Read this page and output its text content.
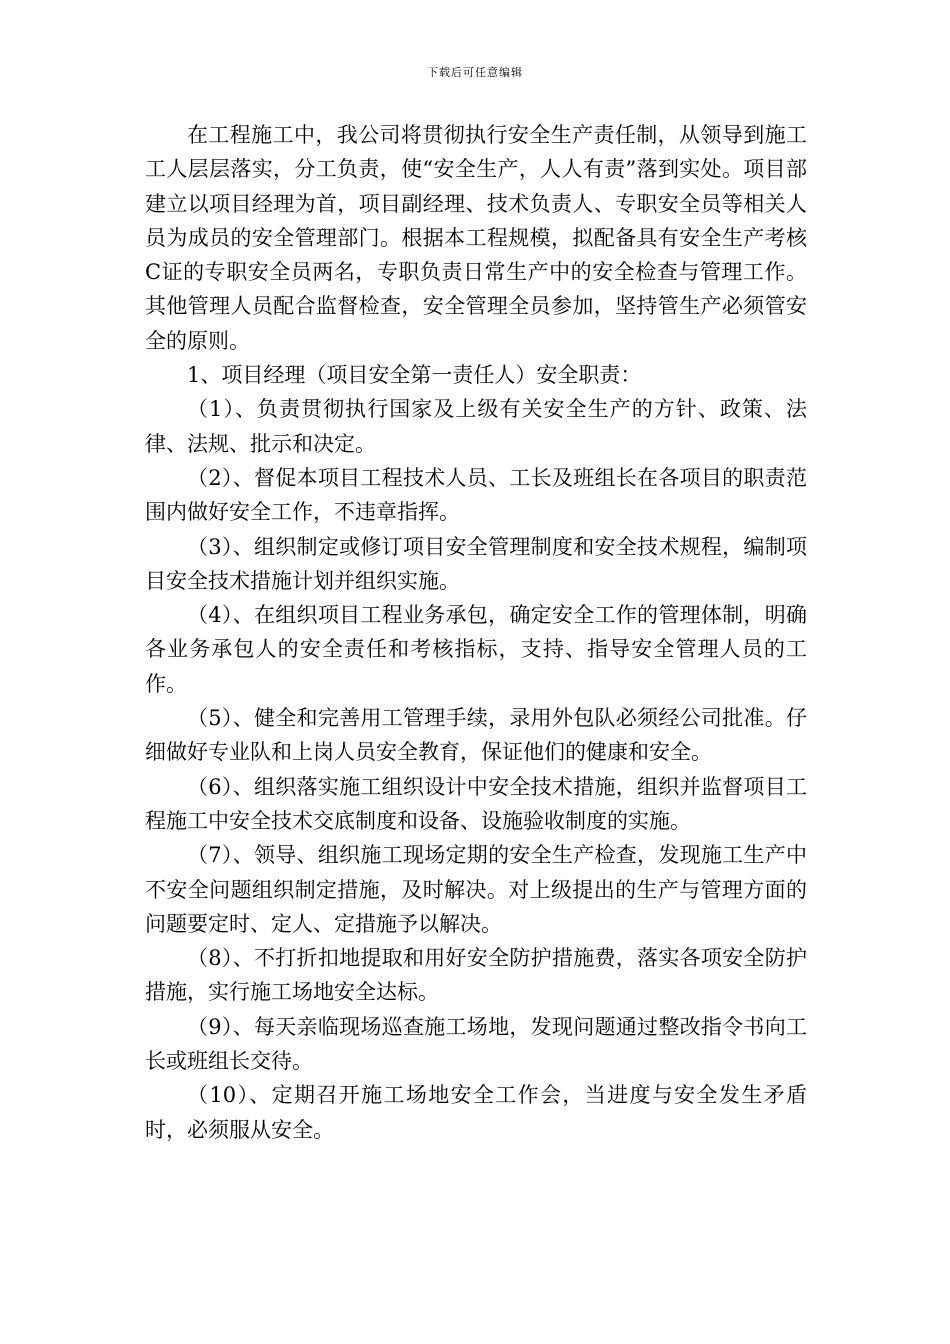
下载后可任意编辑

在工程施工中，我公司将贯彻执行安全生产责任制，从领导到施工工人层层落实，分工负责，使“安全生产，人人有责”落到实处。项目部建立以项目经理为首，项目副经理、技术负责人、专职安全员等相关人员为成员的安全管理部门。根据本工程规模，拟配备具有安全生产考核C证的专职安全员两名，专职负责日常生产中的安全检查与管理工作。其他管理人员配合监督检查，安全管理全员参加，坚持管生产必须管安全的原则。

1、项目经理（项目安全第一责任人）安全职责：

（1）、负责贯彻执行国家及上级有关安全生产的方针、政策、法律、法规、批示和决定。

（2）、督促本项目工程技术人员、工长及班组长在各项目的职责范围内做好安全工作，不违章指挥。

（3）、组织制定或修订项目安全管理制度和安全技术规程，编制项目安全技术措施计划并组织实施。

（4）、在组织项目工程业务承包，确定安全工作的管理体制，明确各业务承包人的安全责任和考核指标，支持、指导安全管理人员的工作。

（5）、健全和完善用工管理手续，录用外包队必须经公司批准。仔细做好专业队和上岗人员安全教育，保证他们的健康和安全。

（6）、组织落实施工组织设计中安全技术措施，组织并监督项目工程施工中安全技术交底制度和设备、设施验收制度的实施。

（7）、领导、组织施工现场定期的安全生产检查，发现施工生产中不安全问题组织制定措施，及时解决。对上级提出的生产与管理方面的问题要定时、定人、定措施予以解决。

（8）、不打折扣地提取和用好安全防护措施费，落实各项安全防护措施，实行施工场地安全达标。

（9）、每天亲临现场巡查施工场地，发现问题通过整改指令书向工长或班组长交待。

（10）、定期召开施工场地安全工作会，当进度与安全发生矛盾时，必须服从安全。
